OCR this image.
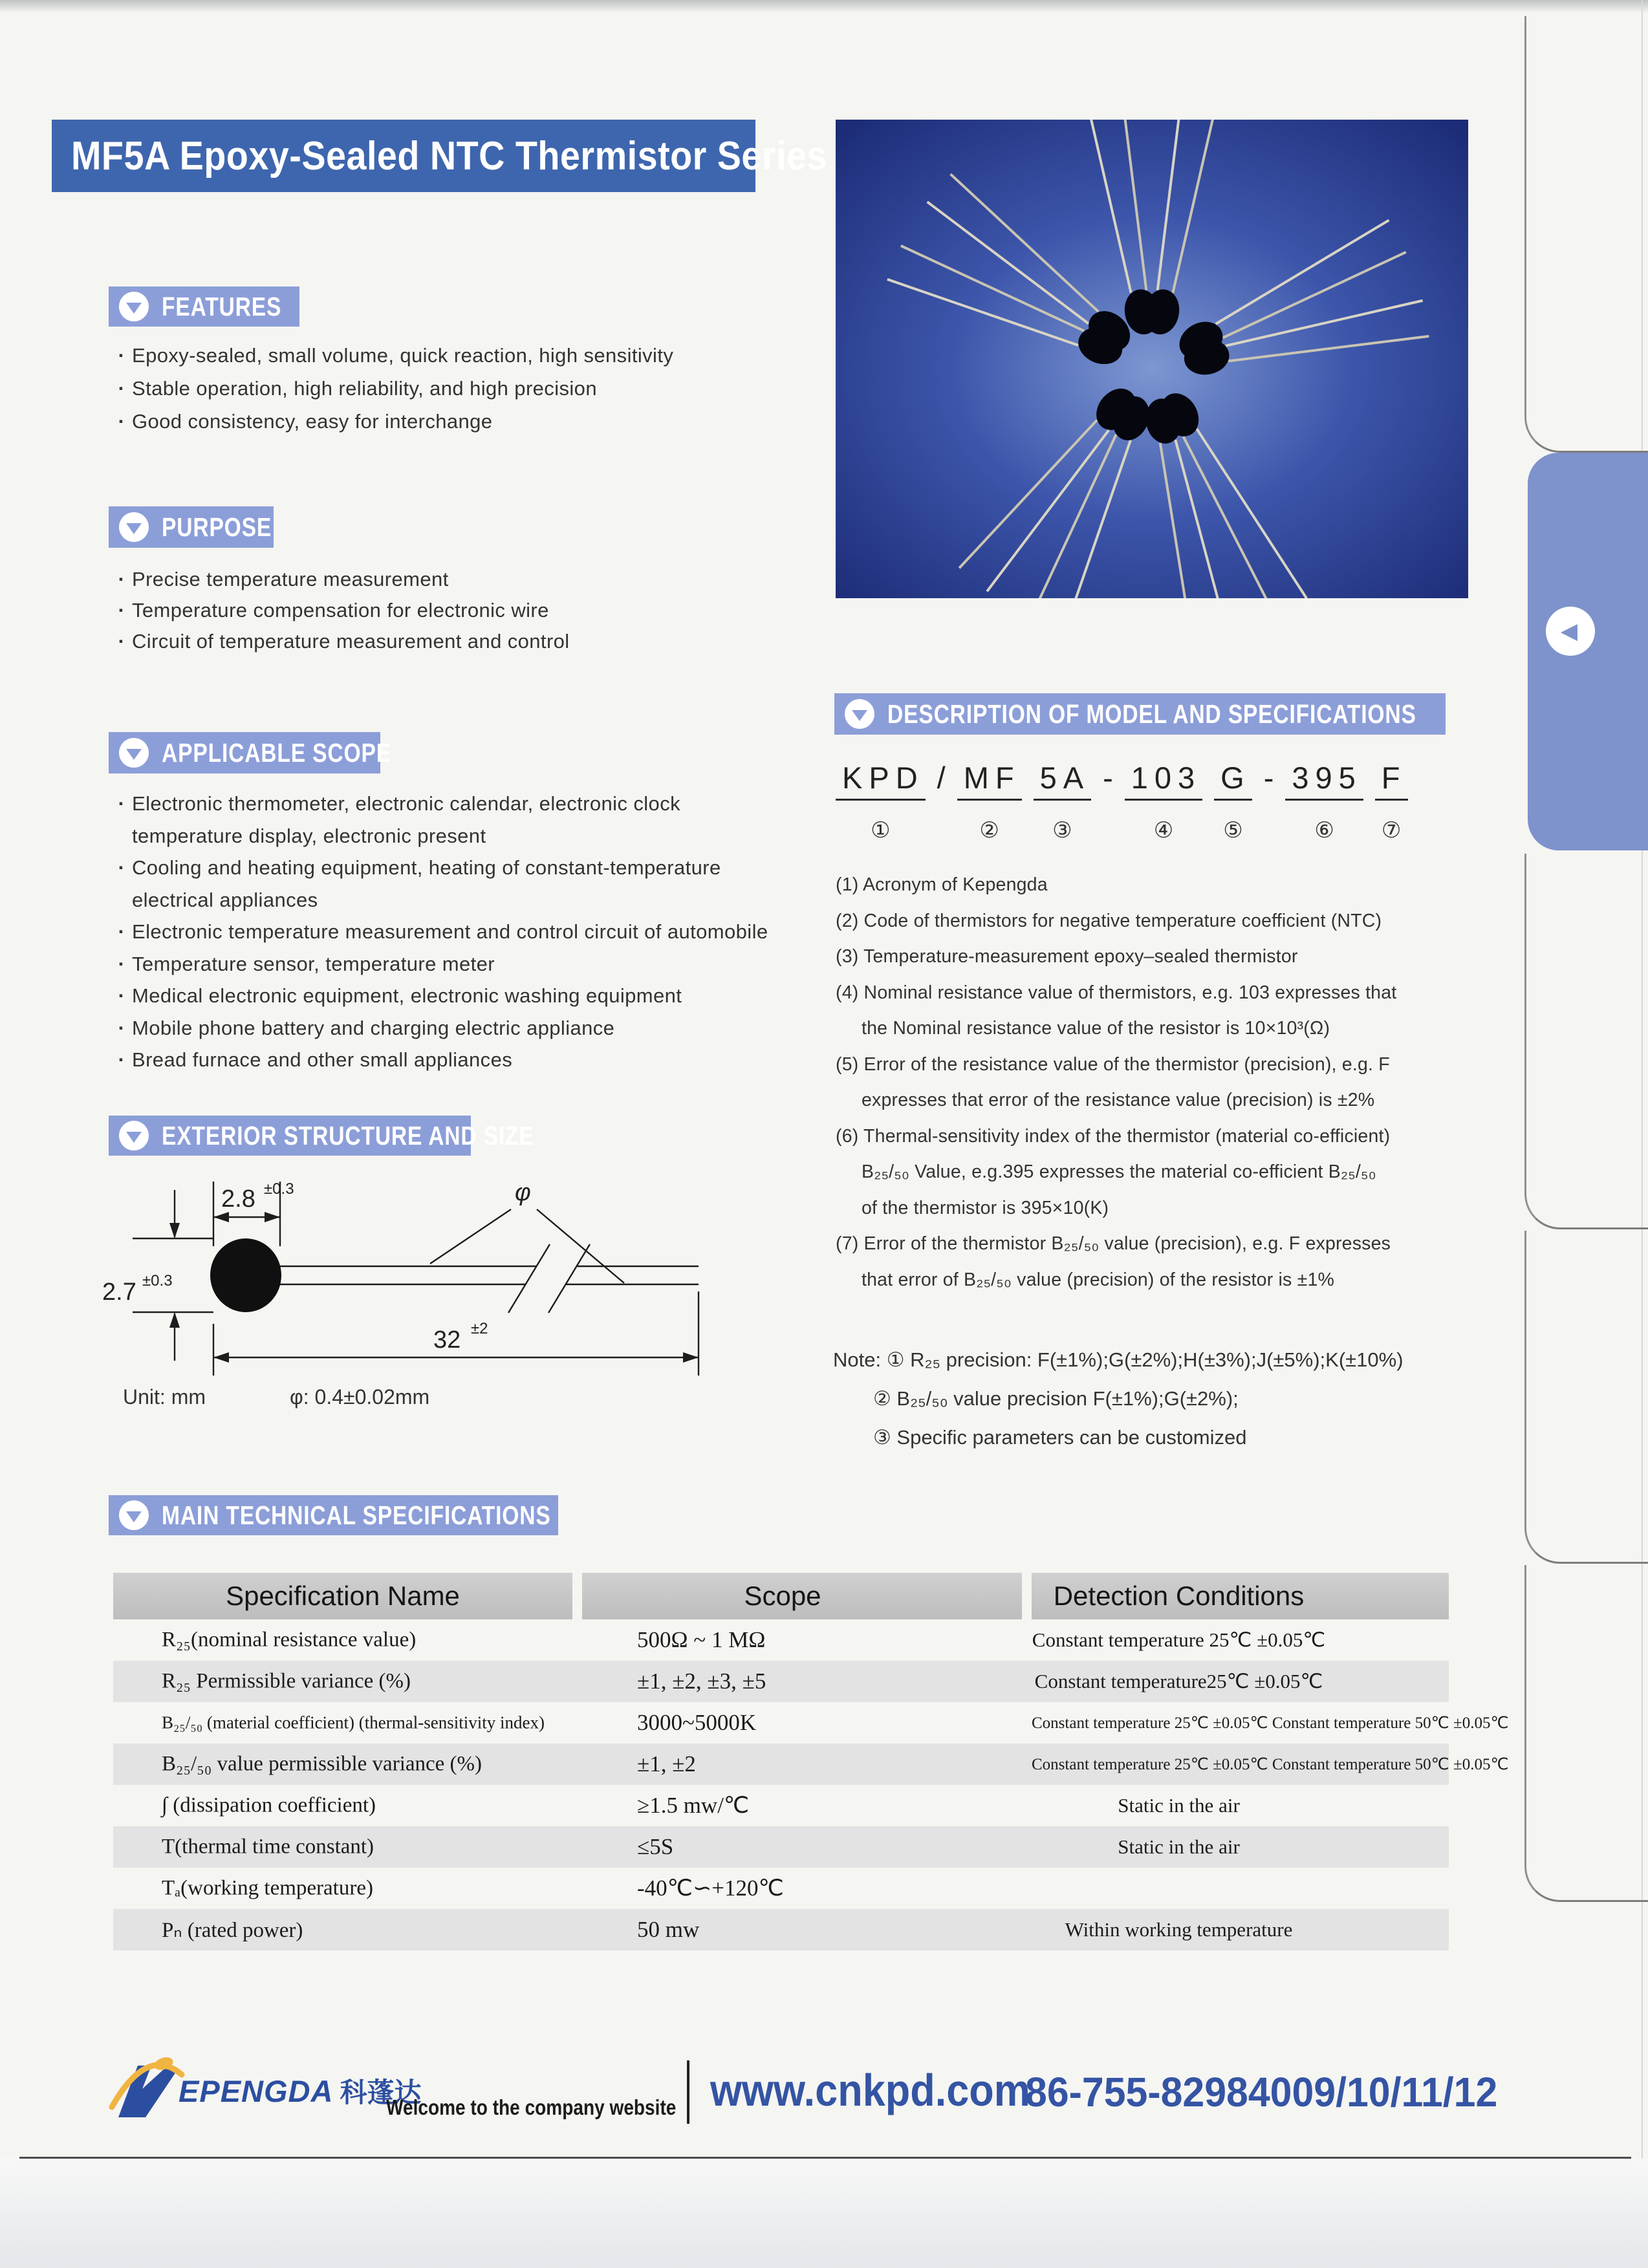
MF5A Epoxy-Sealed NTC Thermistor Series
FEATURES
· Epoxy-sealed, small volume, quick reaction, high sensitivity
· Stable operation, high reliability, and high precision
· Good consistency, easy for interchange
PURPOSE
· Precise temperature measurement
· Temperature compensation for electronic wire
· Circuit of temperature measurement and control
APPLICABLE SCOPE
· Electronic thermometer, electronic calendar, electronic clock
temperature display, electronic present
· Cooling and heating equipment, heating of constant-temperature
electrical appliances
· Electronic temperature measurement and control circuit of automobile
· Temperature sensor, temperature meter
· Medical electronic equipment, electronic washing equipment
· Mobile phone battery and charging electric appliance
· Bread furnace and other small appliances
EXTERIOR STRUCTURE AND SIZE
2.8 ±0.3
2.7 ±0.3
32 ±2
φ
Unit: mm	φ: 0.4±0.02mm
DESCRIPTION OF MODEL AND SPECIFICATIONS
KPD
①
/ MF
②
5A
③
- 103
④
G
⑤
- 395
⑥
F
⑦
(1) Acronym of Kepengda
(2) Code of thermistors for negative temperature coefficient (NTC)
(3) Temperature-measurement epoxy–sealed thermistor
(4) Nominal resistance value of thermistors, e.g. 103 expresses that
the Nominal resistance value of the resistor is 10×10³(Ω)
(5) Error of the resistance value of the thermistor (precision), e.g. F
expresses that error of the resistance value (precision) is ±2%
(6) Thermal-sensitivity index of the thermistor (material co-efficient)
B₂₅/₅₀ Value, e.g.395 expresses the material co-efficient B₂₅/₅₀
of the thermistor is 395×10(K)
(7) Error of the thermistor B₂₅/₅₀ value (precision), e.g. F expresses
that error of B₂₅/₅₀ value (precision) of the resistor is ±1%
Note: ① R₂₅ precision: F(±1%);G(±2%);H(±3%);J(±5%);K(±10%)
② B₂₅/₅₀ value precision F(±1%);G(±2%);
③ Specific parameters can be customized
MAIN TECHNICAL SPECIFICATIONS
Specification Name	Scope	Detection Conditions
R₂₅(nominal resistance value)	500Ω ~ 1 MΩ	Constant temperature 25℃ ±0.05℃
R₂₅ Permissible variance (%)	±1, ±2, ±3, ±5	Constant temperature25℃ ±0.05℃
B₂₅/₅₀ (material coefficient) (thermal-sensitivity index)	3000~5000K	Constant temperature 25℃ ±0.05℃ Constant temperature 50℃ ±0.05℃
B₂₅/₅₀ value permissible variance (%)	±1, ±2	Constant temperature 25℃ ±0.05℃ Constant temperature 50℃ ±0.05℃
∫ (dissipation coefficient)	≥1.5 mw/℃	Static in the air
T(thermal time constant)	≤5S	Static in the air
Tₐ(working temperature)	-40℃∽+120℃
Pₙ (rated power)	50 mw	Within working temperature
◀
EPENGDA 科蓬达
Welcome to the company website www.cnkpd.com
86-755-82984009/10/11/12
